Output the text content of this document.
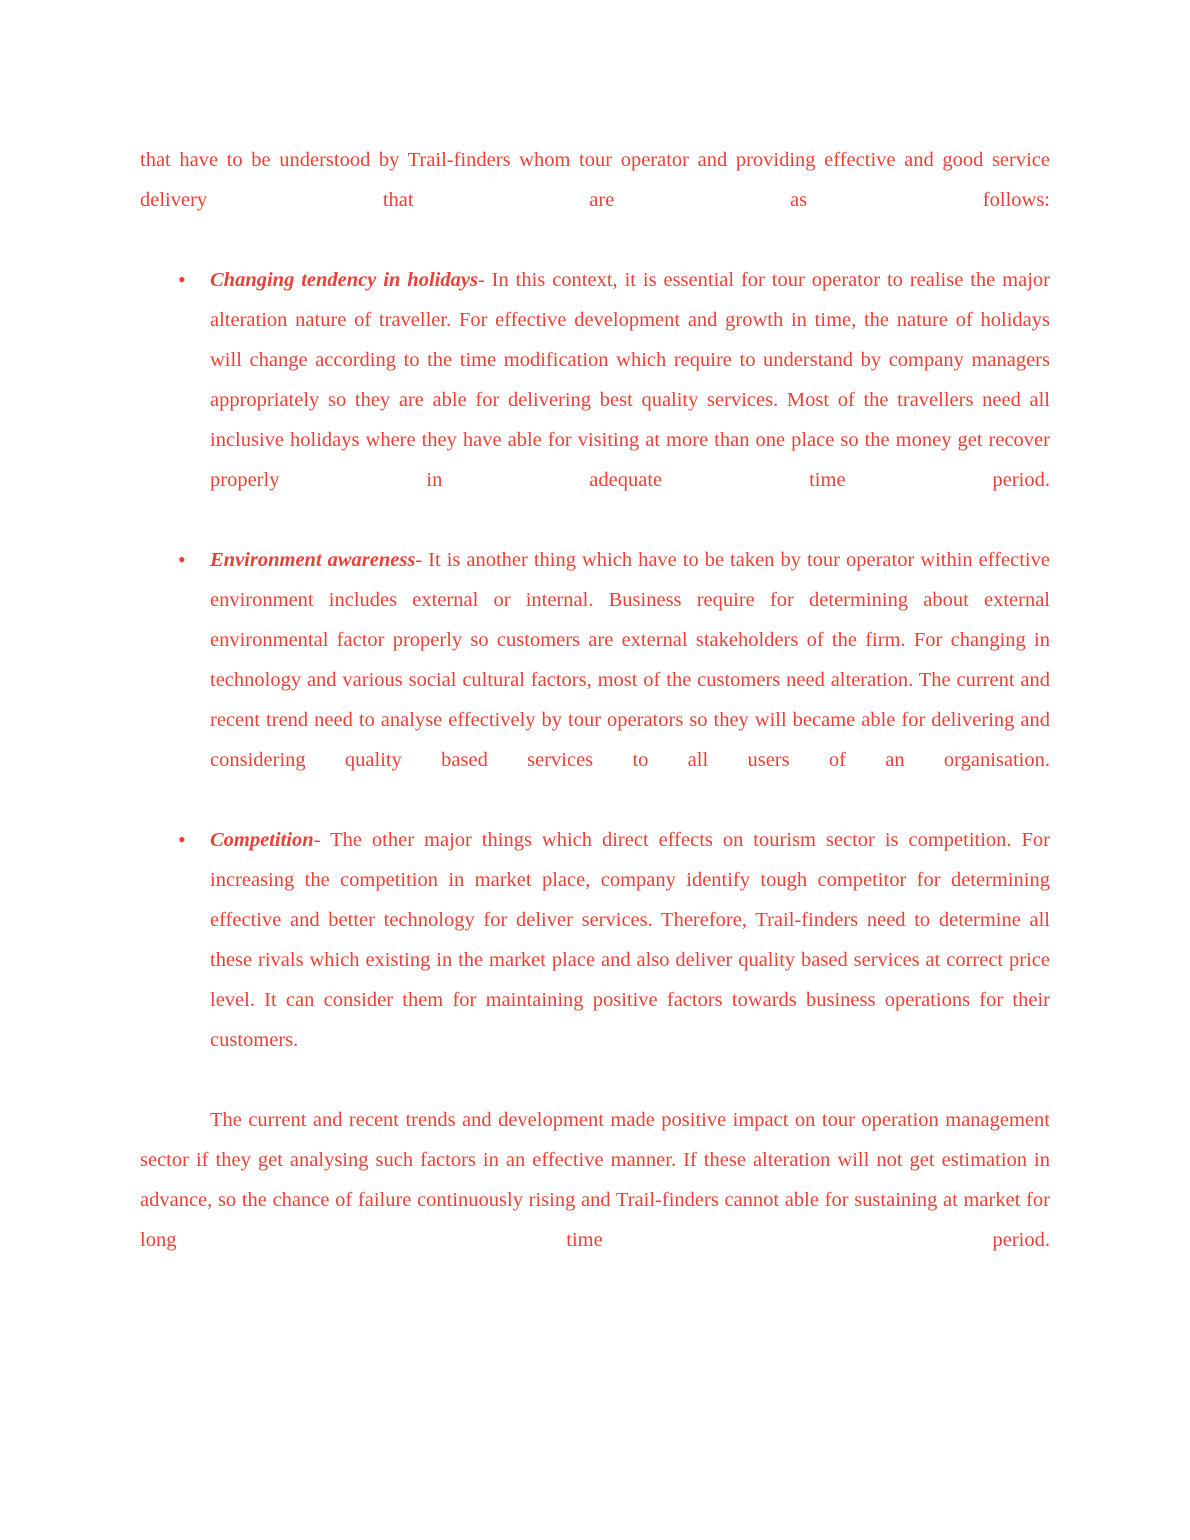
that have to be understood by Trail-finders whom tour operator and providing effective and good service delivery that are as follows:

• Changing tendency in holidays- In this context, it is essential for tour operator to realise the major alteration nature of traveller. For effective development and growth in time, the nature of holidays will change according to the time modification which require to understand by company managers appropriately so they are able for delivering best quality services. Most of the travellers need all inclusive holidays where they have able for visiting at more than one place so the money get recover properly in adequate time period.
• Environment awareness- It is another thing which have to be taken by tour operator within effective environment includes external or internal. Business require for determining about external environmental factor properly so customers are external stakeholders of the firm. For changing in technology and various social cultural factors, most of the customers need alteration. The current and recent trend need to analyse effectively by tour operators so they will became able for delivering and considering quality based services to all users of an organisation.
• Competition- The other major things which direct effects on tourism sector is competition. For increasing the competition in market place, company identify tough competitor for determining effective and better technology for deliver services. Therefore, Trail-finders need to determine all these rivals which existing in the market place and also deliver quality based services at correct price level. It can consider them for maintaining positive factors towards business operations for their customers.

The current and recent trends and development made positive impact on tour operation management sector if they get analysing such factors in an effective manner. If these alteration will not get estimation in advance, so the chance of failure continuously rising and Trail-finders cannot able for sustaining at market for long time period.
